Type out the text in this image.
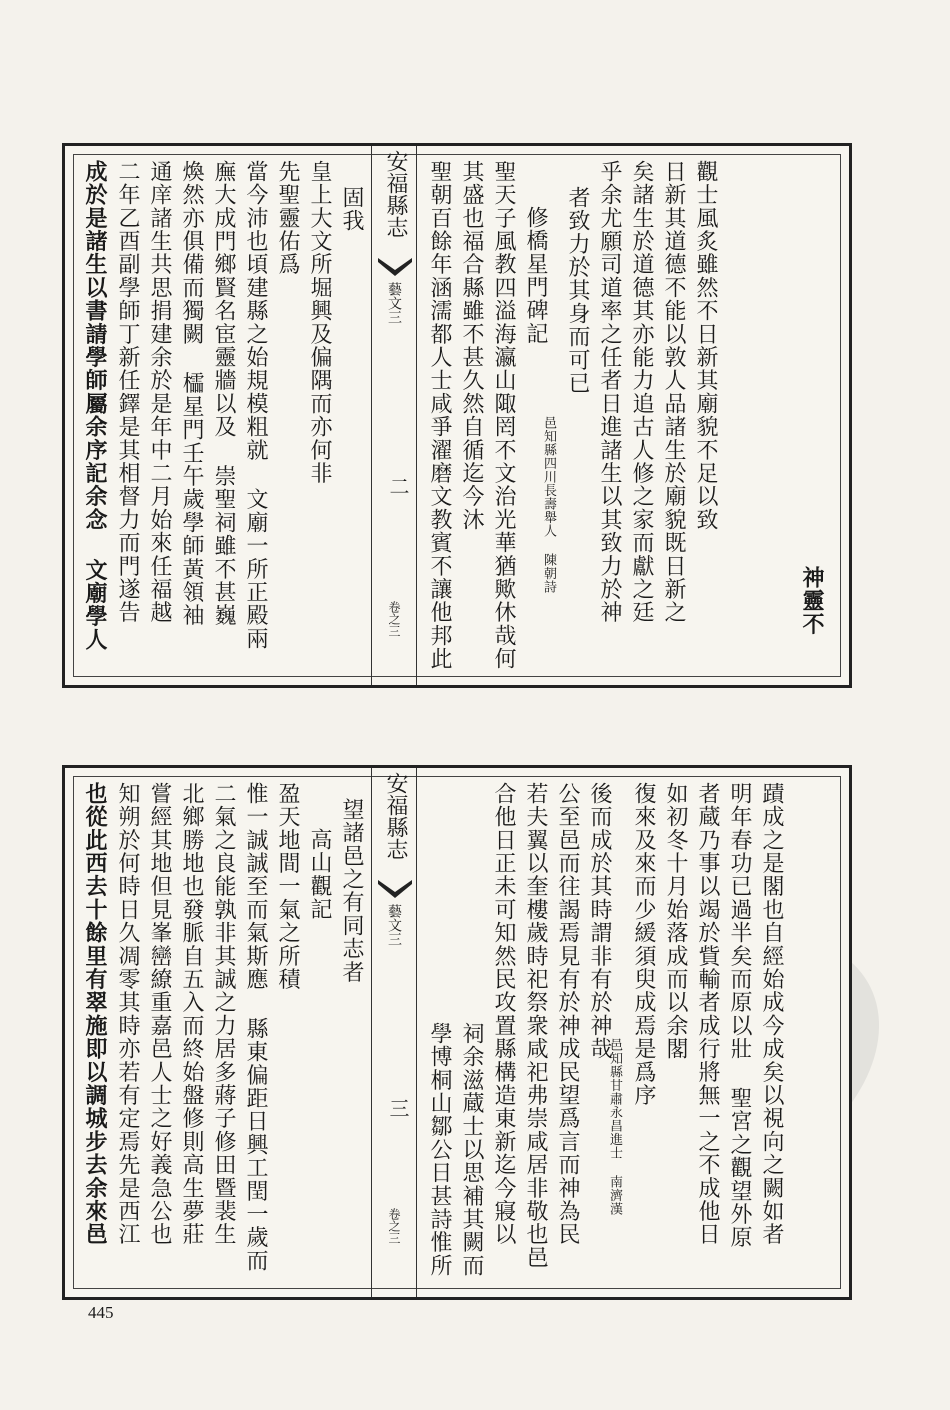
成於是諸生以書請學師屬余序記余念 文廟學人 二年乙酉副學師丁新任鐸是其相督力而門遂告 通庠諸生共思捐建余於是年中二月始來任福越 煥然亦俱備而獨闕 櫺星門壬午歲學師黃領袖 廡大成門鄉賢名宦靈牆以及 崇聖祠雖不甚巍 當今沛也頃建縣之始規模粗就 文廟一所正殿兩 先聖靈佑爲 皇上大文所堀興及偏隅而亦何非 固我 安福縣志
藝文三
二
卷之三 聖朝百餘年涵濡都人士咸爭濯磨文教賓不讓他邦此 其盛也福合縣雖不甚久然自循迄今沐 聖天子風教四溢海瀛山陬罔不文治光華猶歟休哉何 修橋星門碑記
邑知縣四川長壽舉人 陳朝詩
者致力於其身而可已 乎余尤願司道率之任者日進諸生以其致力於神 矣諸生於道德其亦能力追古人修之家而獻之廷 日新其道德不能以敦人品諸生於廟貌既日新之 觀士風炙雖然不日新其廟貌不足以致
神靈不
也從此西去十餘里有翠施即以調城步去余來邑 知朔於何時日久凋零其時亦若有定焉先是西江 嘗經其地但見峯巒繚重嘉邑人士之好義急公也 北鄉勝地也發脈自五入而終始盤修則高生夢莊 二氣之良能孰非其誠之力居多蔣子修田暨裴生 惟一誠誠至而氣斯應 縣東偏距日興工閏一歲而 盈天地間一氣之所積 高山觀記 望諸邑之有同志者 安福縣志
藝文三
三
卷之三 學博桐山鄒公日甚詩惟所 祠余滋蔵士以思補其闕而 合他日正未可知然民攻置縣構造東新迄今寢以 若夫翼以奎樓歲時祀祭衆咸祀弗崇咸居非敬也邑 公至邑而往謁焉見有於神成民望爲言而神為民 後而成於其時謂非有於神哉
邑知縣甘肅永昌進士 南濟漢
復來及來而少緩須臾成焉是爲序 如初冬十月始落成而以余閣 者蔵乃事以竭於貲輸者成行將無一之不成他日 明年春功已過半矣而原以壯 聖宮之觀望外原 蹟成之是閣也自經始成今成矣以視向之闕如者
445
